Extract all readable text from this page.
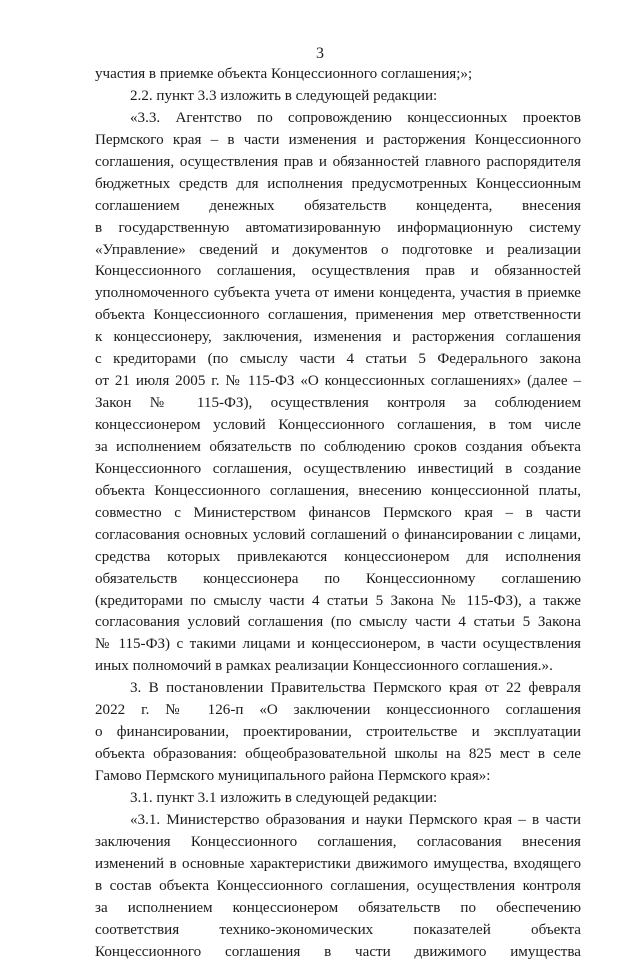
3
участия в приемке объекта Концессионного соглашения;»;
2.2. пункт 3.3 изложить в следующей редакции:
«3.3. Агентство по сопровождению концессионных проектов
Пермского края – в части изменения и расторжения Концессионного
соглашения, осуществления прав и обязанностей главного распорядителя
бюджетных средств для исполнения предусмотренных Концессионным
соглашением денежных обязательств концедента, внесения
в государственную автоматизированную информационную систему
«Управление» сведений и документов о подготовке и реализации
Концессионного соглашения, осуществления прав и обязанностей
уполномоченного субъекта учета от имени концедента, участия в приемке
объекта Концессионного соглашения, применения мер ответственности
к концессионеру, заключения, изменения и расторжения соглашения
с кредиторами (по смыслу части 4 статьи 5 Федерального закона
от 21 июля 2005 г. № 115-ФЗ «О концессионных соглашениях» (далее –
Закон № 115-ФЗ), осуществления контроля за соблюдением
концессионером условий Концессионного соглашения, в том числе
за исполнением обязательств по соблюдению сроков создания объекта
Концессионного соглашения, осуществлению инвестиций в создание
объекта Концессионного соглашения, внесению концессионной платы,
совместно с Министерством финансов Пермского края – в части
согласования основных условий соглашений о финансировании с лицами,
средства которых привлекаются концессионером для исполнения
обязательств концессионера по Концессионному соглашению
(кредиторами по смыслу части 4 статьи 5 Закона № 115-ФЗ), а также
согласования условий соглашения (по смыслу части 4 статьи 5 Закона
№ 115-ФЗ) с такими лицами и концессионером, в части осуществления
иных полномочий в рамках реализации Концессионного соглашения.».
3. В постановлении Правительства Пермского края от 22 февраля
2022 г. № 126-п «О заключении концессионного соглашения
о финансировании, проектировании, строительстве и эксплуатации
объекта образования: общеобразовательной школы на 825 мест в селе
Гамово Пермского муниципального района Пермского края»:
3.1. пункт 3.1 изложить в следующей редакции:
«3.1. Министерство образования и науки Пермского края – в части
заключения Концессионного соглашения, согласования внесения
изменений в основные характеристики движимого имущества, входящего
в состав объекта Концессионного соглашения, осуществления контроля
за исполнением концессионером обязательств по обеспечению
соответствия технико-экономических показателей объекта
Концессионного соглашения в части движимого имущества
